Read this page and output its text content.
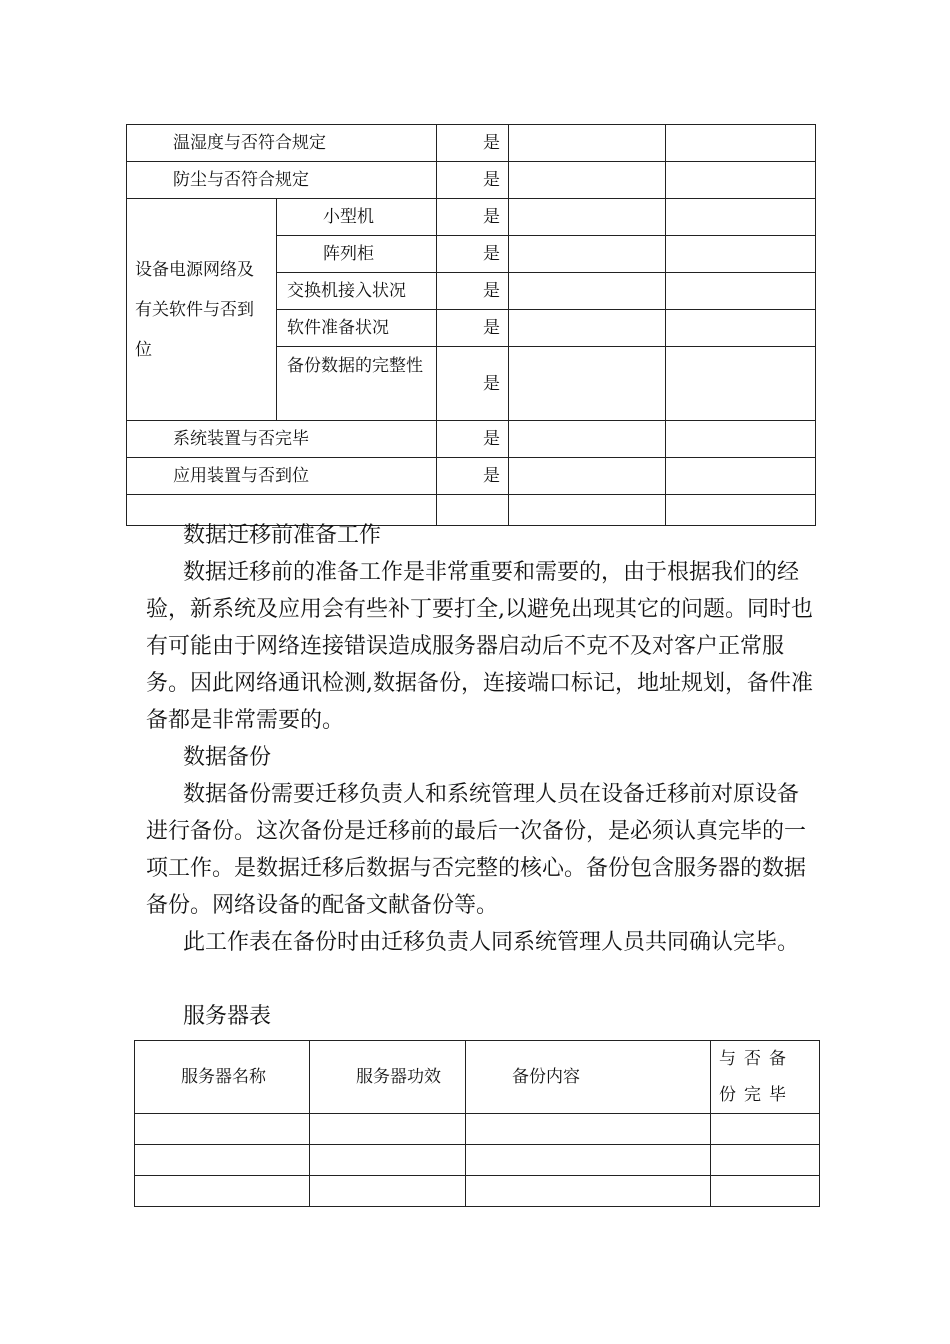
温湿度与否符合规定		是		
防尘与否符合规定		是		
设备电源网络及有关软件与否到位	小型机	是		
	阵列柜	是		
	交换机接入状况	是		
	软件准备状况	是		
	备份数据的完整性	是		
系统装置与否完毕		是		
应用装置与否到位		是		

数据迁移前准备工作

数据迁移前的准备工作是非常重要和需要的，由于根据我们的经验，新系统及应用会有些补丁要打全,以避免出现其它的问题。同时也有可能由于网络连接错误造成服务器启动后不克不及对客户正常服务。因此网络通讯检测,数据备份，连接端口标记，地址规划，备件准备都是非常需要的。

数据备份

数据备份需要迁移负责人和系统管理人员在设备迁移前对原设备进行备份。这次备份是迁移前的最后一次备份，是必须认真完毕的一项工作。是数据迁移后数据与否完整的核心。备份包含服务器的数据备份。网络设备的配备文献备份等。

此工作表在备份时由迁移负责人同系统管理人员共同确认完毕。

服务器表

服务器名称	服务器功效	备份内容	与否备份完毕
